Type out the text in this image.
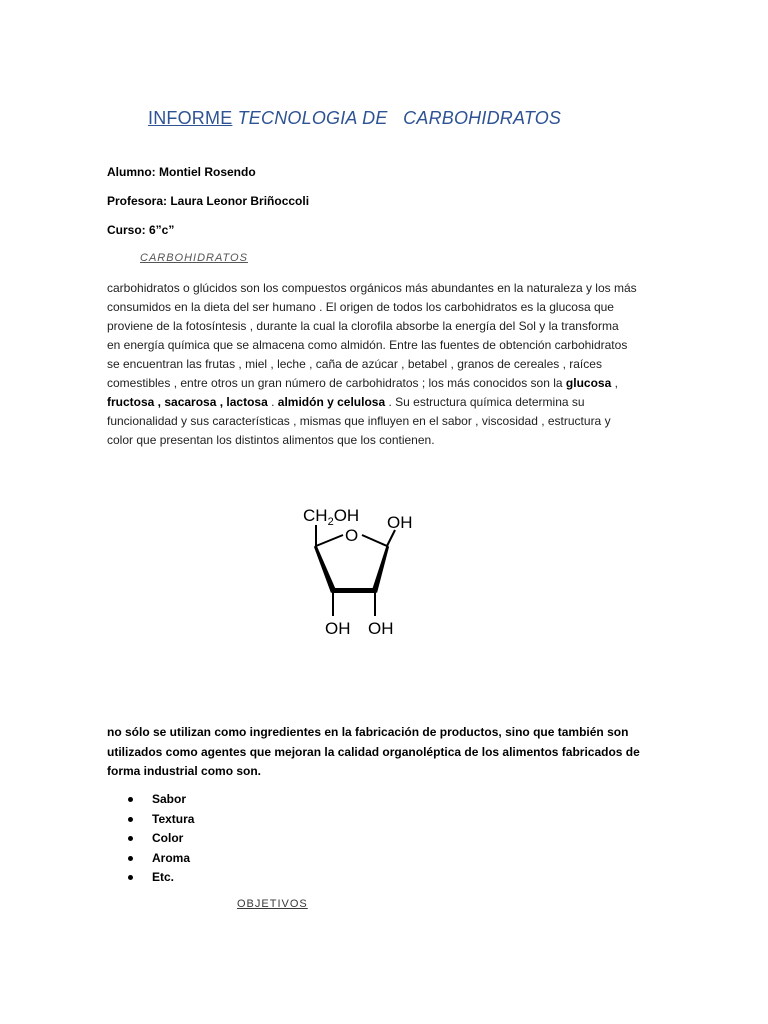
INFORME TECNOLOGIA DE   CARBOHIDRATOS
Alumno: Montiel Rosendo
Profesora: Laura Leonor Briñoccoli
Curso: 6”c”
CARBOHIDRATOS
carbohidratos o glúcidos son los compuestos orgánicos más abundantes en la naturaleza y los más
consumidos en la dieta del ser humano . El origen de todos los carbohidratos es la glucosa que
proviene de la fotosíntesis , durante la cual la clorofila absorbe la energía del Sol y la transforma
en energía química que se almacena como almidón. Entre las fuentes de obtención carbohidratos
se encuentran las frutas , miel , leche , caña de azúcar , betabel , granos de cereales , raíces
comestibles , entre otros un gran número de carbohidratos ; los más conocidos son la glucosa ,
fructosa , sacarosa , lactosa . almidón y celulosa . Su estructura química determina su
funcionalidad y sus características , mismas que influyen en el sabor , viscosidad , estructura y
color que presentan los distintos alimentos que los contienen.
$CH_2OH$
O
OH
OH OH
no sólo se utilizan como ingredientes en la fabricación de productos, sino que también son
utilizados como agentes que mejoran la calidad organoléptica de los alimentos fabricados de
forma industrial como son.
Sabor
Textura
Color
Aroma
Etc.
OBJETIVOS
